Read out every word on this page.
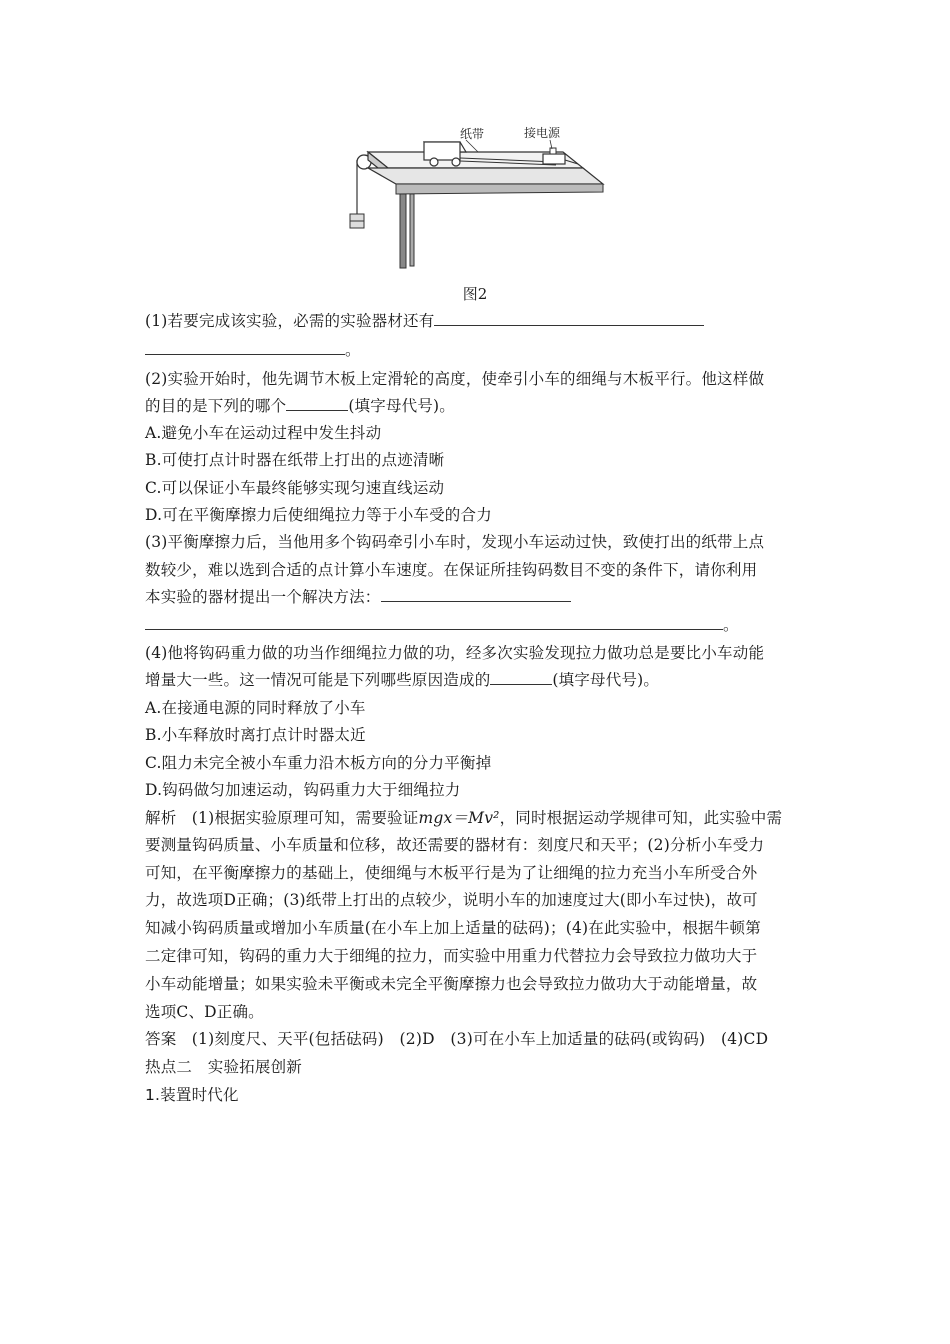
纸带	接电源
图2
(1)若要完成该实验，必需的实验器材还有
。
(2)实验开始时，他先调节木板上定滑轮的高度，使牵引小车的细绳与木板平行。他这样做
的目的是下列的哪个	(填字母代号)。
A.避免小车在运动过程中发生抖动
B.可使打点计时器在纸带上打出的点迹清晰
C.可以保证小车最终能够实现匀速直线运动
D.可在平衡摩擦力后使细绳拉力等于小车受的合力
(3)平衡摩擦力后，当他用多个钩码牵引小车时，发现小车运动过快，致使打出的纸带上点
数较少，难以选到合适的点计算小车速度。在保证所挂钩码数目不变的条件下，请你利用
本实验的器材提出一个解决方法：
。
(4)他将钩码重力做的功当作细绳拉力做的功，经多次实验发现拉力做功总是要比小车动能
增量大一些。这一情况可能是下列哪些原因造成的	(填字母代号)。
A.在接通电源的同时释放了小车
B.小车释放时离打点计时器太近
C.阻力未完全被小车重力沿木板方向的分力平衡掉
D.钩码做匀加速运动，钩码重力大于细绳拉力
解析 (1)根据实验原理可知，需要验证mgx＝Mv²，同时根据运动学规律可知，此实验中需
要测量钩码质量、小车质量和位移，故还需要的器材有：刻度尺和天平；(2)分析小车受力
可知，在平衡摩擦力的基础上，使细绳与木板平行是为了让细绳的拉力充当小车所受合外
力，故选项D正确；(3)纸带上打出的点较少，说明小车的加速度过大(即小车过快)，故可
知减小钩码质量或增加小车质量(在小车上加上适量的砝码)；(4)在此实验中，根据牛顿第
二定律可知，钩码的重力大于细绳的拉力，而实验中用重力代替拉力会导致拉力做功大于
小车动能增量；如果实验未平衡或未完全平衡摩擦力也会导致拉力做功大于动能增量，故
选项C、D正确。
答案 (1)刻度尺、天平(包括砝码)　(2)D　(3)可在小车上加适量的砝码(或钩码)　(4)CD
热点二　实验拓展创新
1.装置时代化
